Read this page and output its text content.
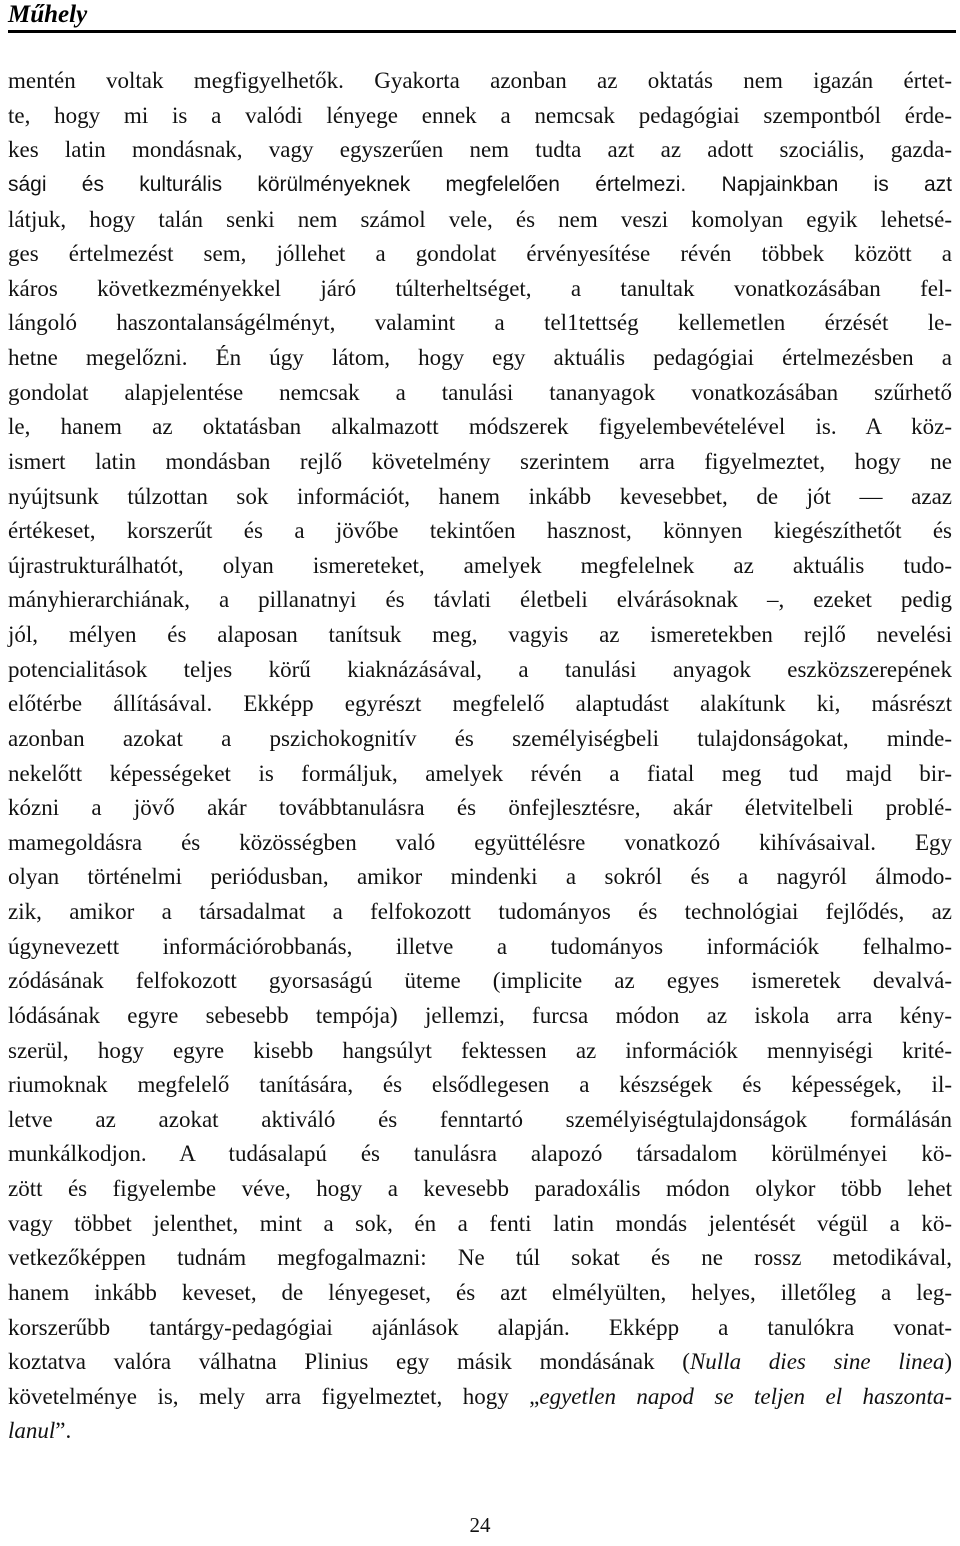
Műhely
mentén voltak megfigyelhetők. Gyakorta azonban az oktatás nem igazán értet-
te, hogy mi is a valódi lényege ennek a nemcsak pedagógiai szempontból érde-
kes latin mondásnak, vagy egyszerűen nem tudta azt az adott szociális, gazda-
sági és kulturális körülményeknek megfelelően értelmezi. Napjainkban is azt
látjuk, hogy talán senki nem számol vele, és nem veszi komolyan egyik lehetsé-
ges értelmezést sem, jóllehet a gondolat érvényesítése révén többek között a
káros következményekkel járó túlterheltséget, a tanultak vonatkozásában fel-
lángoló haszontalanságélményt, valamint a tel1tettség kellemetlen érzését le-
hetne megelőzni. Én úgy látom, hogy egy aktuális pedagógiai értelmezésben a
gondolat alapjelentése nemcsak a tanulási tananyagok vonatkozásában szűrhető
le, hanem az oktatásban alkalmazott módszerek figyelembevételével is. A köz-
ismert latin mondásban rejlő követelmény szerintem arra figyelmeztet, hogy ne
nyújtsunk túlzottan sok információt, hanem inkább kevesebbet, de jót — azaz
értékeset, korszerűt és a jövőbe tekintően hasznost, könnyen kiegészíthetőt és
újrastrukturálhatót, olyan ismereteket, amelyek megfelelnek az aktuális tudo-
mányhierarchiának, a pillanatnyi és távlati életbeli elvárásoknak –, ezeket pedig
jól, mélyen és alaposan tanítsuk meg, vagyis az ismeretekben rejlő nevelési
potencialitások teljes körű kiaknázásával, a tanulási anyagok eszközszerepének
előtérbe állításával. Ekképp egyrészt megfelelő alaptudást alakítunk ki, másrészt
azonban azokat a pszichokognitív és személyiségbeli tulajdonságokat, minde-
nekelőtt képességeket is formáljuk, amelyek révén a fiatal meg tud majd bir-
kózni a jövő akár továbbtanulásra és önfejlesztésre, akár életvitelbeli problé-
mamegoldásra és közösségben való együttélésre vonatkozó kihívásaival. Egy
olyan történelmi periódusban, amikor mindenki a sokról és a nagyról álmodo-
zik, amikor a társadalmat a felfokozott tudományos és technológiai fejlődés, az
úgynevezett információrobbanás, illetve a tudományos információk felhalmo-
zódásának felfokozott gyorsaságú üteme (implicite az egyes ismeretek devalvá-
lódásának egyre sebesebb tempója) jellemzi, furcsa módon az iskola arra kény-
szerül, hogy egyre kisebb hangsúlyt fektessen az információk mennyiségi krité-
riumoknak megfelelő tanítására, és elsődlegesen a készségek és képességek, il-
letve az azokat aktiváló és fenntartó személyiségtulajdonságok formálásán
munkálkodjon. A tudásalapú és tanulásra alapozó társadalom körülményei kö-
zött és figyelembe véve, hogy a kevesebb paradoxális módon olykor több lehet
vagy többet jelenthet, mint a sok, én a fenti latin mondás jelentését végül a kö-
vetkezőképpen tudnám megfogalmazni: Ne túl sokat és ne rossz metodikával,
hanem inkább keveset, de lényegeset, és azt elmélyülten, helyes, illetőleg a leg-
korszerűbb tantárgy-pedagógiai ajánlások alapján. Ekképp a tanulókra vonat-
koztatva valóra válhatna Plinius egy másik mondásának (Nulla dies sine linea)
követelménye is, mely arra figyelmeztet, hogy „egyetlen napod se teljen el haszonta-
lanul”.
24
